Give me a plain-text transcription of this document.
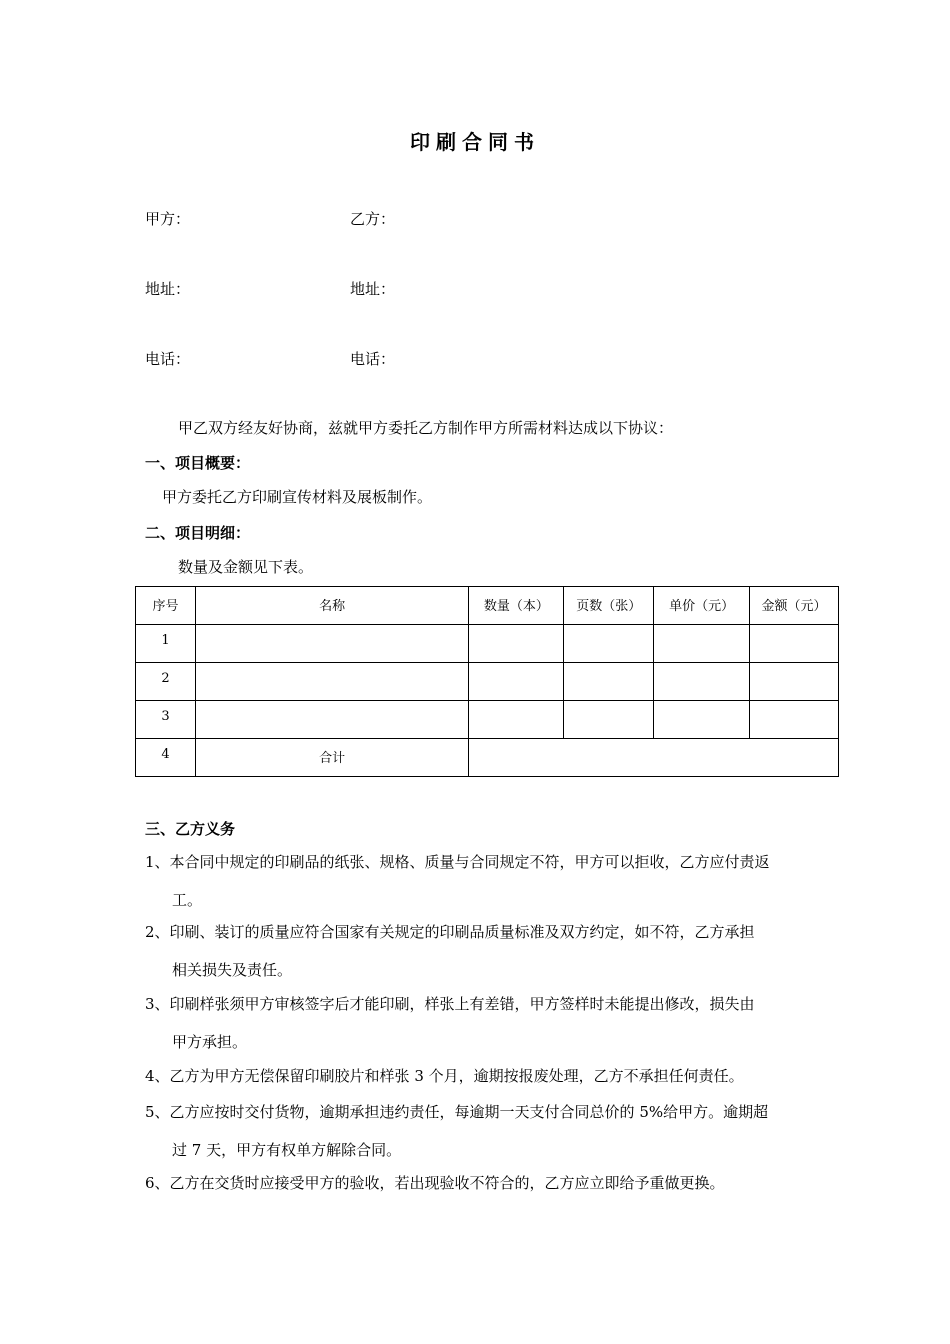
印刷合同书
甲方：	乙方：
地址：	地址：
电话：	电话：
甲乙双方经友好协商，兹就甲方委托乙方制作甲方所需材料达成以下协议：
一、项目概要：
甲方委托乙方印刷宣传材料及展板制作。
二、项目明细：
数量及金额见下表。
序号	名称	数量（本）	页数（张）	单价（元）	金额（元）
1					
2					
3					
4	合计				
三、乙方义务
1、本合同中规定的印刷品的纸张、规格、质量与合同规定不符，甲方可以拒收，乙方应付责返
工。
2、印刷、装订的质量应符合国家有关规定的印刷品质量标准及双方约定，如不符，乙方承担
相关损失及责任。
3、印刷样张须甲方审核签字后才能印刷，样张上有差错，甲方签样时未能提出修改，损失由
甲方承担。
4、乙方为甲方无偿保留印刷胶片和样张 3 个月，逾期按报废处理，乙方不承担任何责任。
5、乙方应按时交付货物，逾期承担违约责任，每逾期一天支付合同总价的 5%给甲方。逾期超
过 7 天，甲方有权单方解除合同。
6、乙方在交货时应接受甲方的验收，若出现验收不符合的，乙方应立即给予重做更换。
